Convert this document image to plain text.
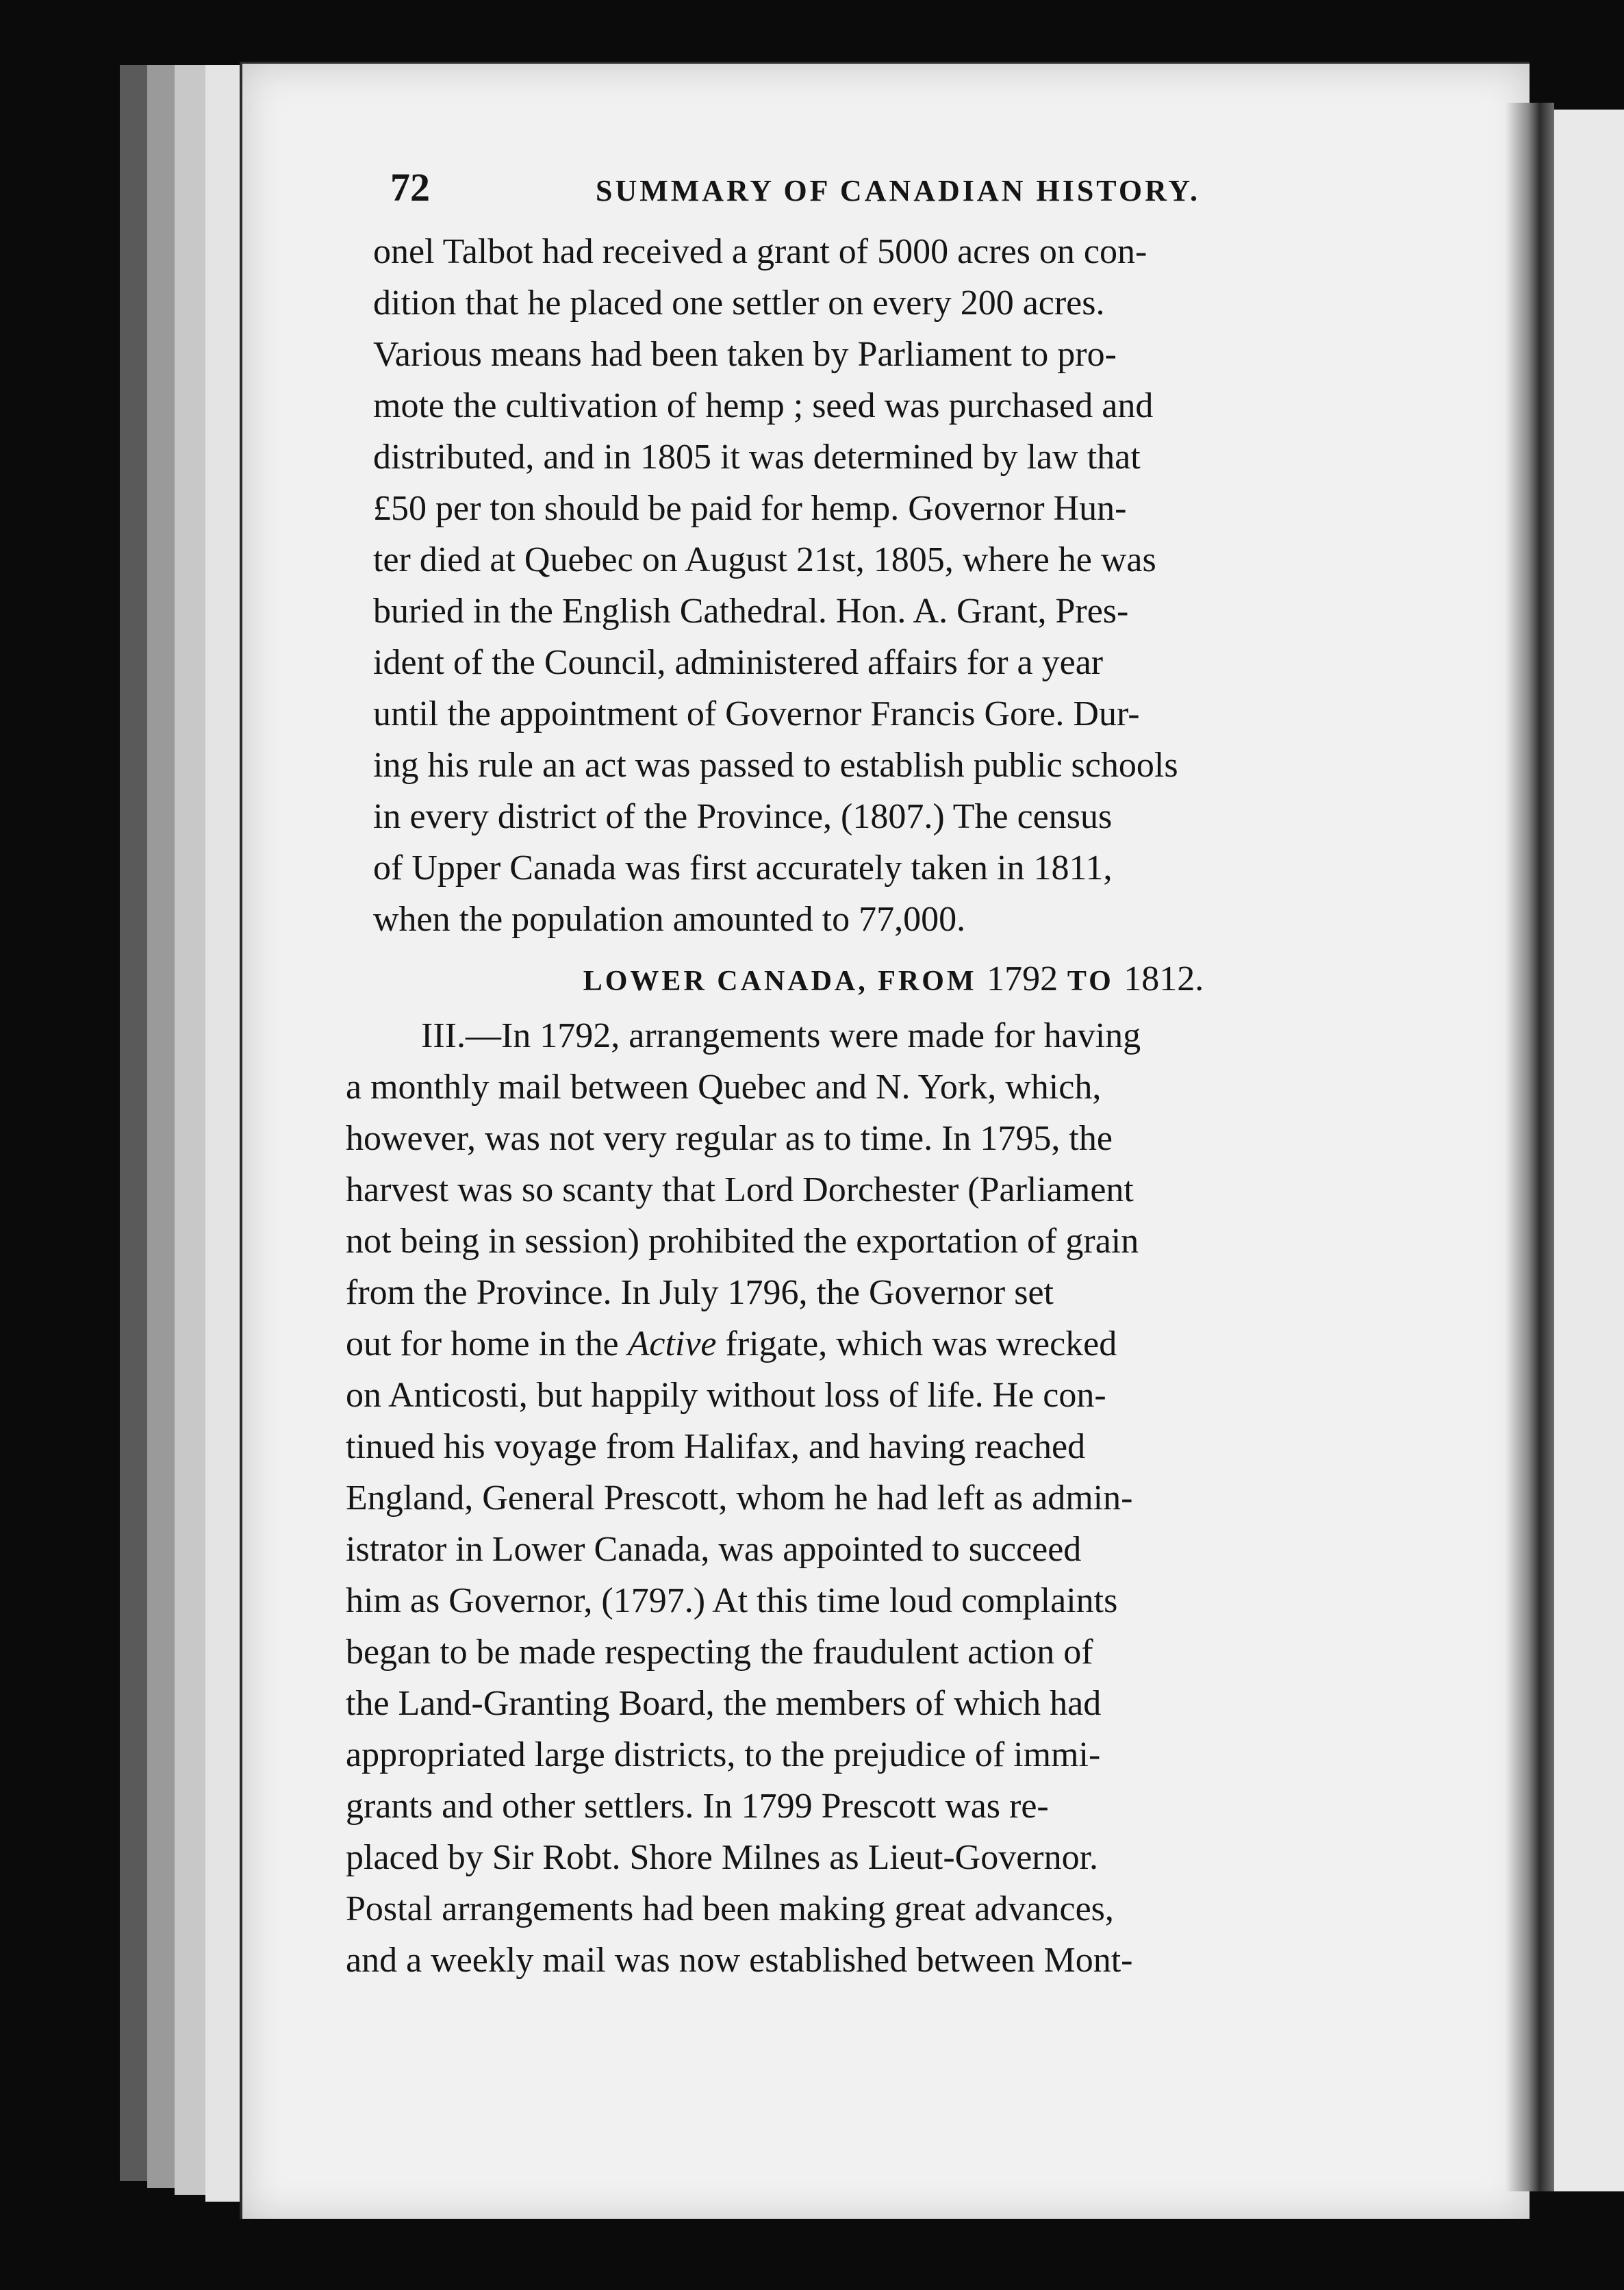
72	SUMMARY OF CANADIAN HISTORY.
onel Talbot had received a grant of 5000 acres on con-
dition that he placed one settler on every 200 acres.
Various means had been taken by Parliament to pro-
mote the cultivation of hemp ; seed was purchased and
distributed, and in 1805 it was determined by law that
£50 per ton should be paid for hemp. Governor Hun-
ter died at Quebec on August 21st, 1805, where he was
buried in the English Cathedral. Hon. A. Grant, Pres-
ident of the Council, administered affairs for a year
until the appointment of Governor Francis Gore. Dur-
ing his rule an act was passed to establish public schools
in every district of the Province, (1807.) The census
of Upper Canada was first accurately taken in 1811,
when the population amounted to 77,000.
LOWER CANADA, FROM 1792 TO 1812.
III.—In 1792, arrangements were made for having
a monthly mail between Quebec and N. York, which,
however, was not very regular as to time. In 1795, the
harvest was so scanty that Lord Dorchester (Parliament
not being in session) prohibited the exportation of grain
from the Province. In July 1796, the Governor set
out for home in the Active frigate, which was wrecked
on Anticosti, but happily without loss of life. He con-
tinued his voyage from Halifax, and having reached
England, General Prescott, whom he had left as admin-
istrator in Lower Canada, was appointed to succeed
him as Governor, (1797.) At this time loud complaints
began to be made respecting the fraudulent action of
the Land-Granting Board, the members of which had
appropriated large districts, to the prejudice of immi-
grants and other settlers. In 1799 Prescott was re-
placed by Sir Robt. Shore Milnes as Lieut-Governor.
Postal arrangements had been making great advances,
and a weekly mail was now established between Mont-
